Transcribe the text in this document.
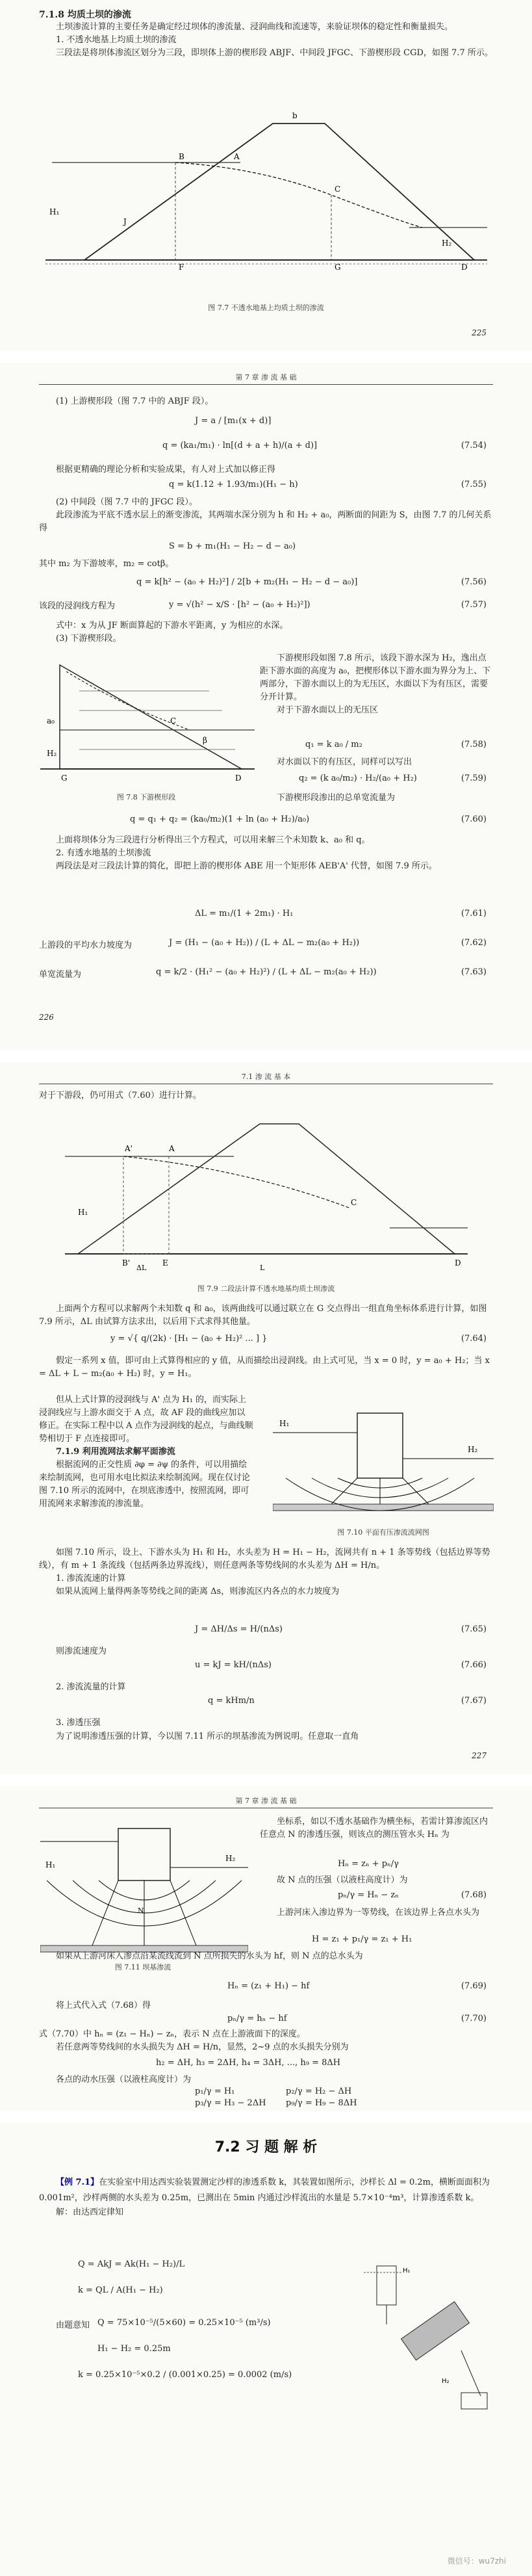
7.1.8 均质土坝的渗流

土坝渗流计算的主要任务是确定经过坝体的渗流量、浸润曲线和流速等，来验证坝体的稳定性和衡量损失。

1. 不透水地基上均质土坝的渗流

三段法是将坝体渗流区划分为三段，即坝体上游的楔形段 ABJF、中间段 JFGC、下游楔形段 CGD，如图 7.7 所示。

H₁
B	A
F	G
C
D
H₂
b
J
图 7.7 不透水地基上均质土坝的渗流
225
第 7 章 渗 流 基 础

(1) 上游楔形段（图 7.7 中的 ABJF 段）。

J = a / [m₁(x + d)]
q = (ka₁/m₁) · ln[(d + a + h)/(a + d)]	(7.54)

根据更精确的理论分析和实验成果，有人对上式加以修正得

q = k(1.12 + 1.93/m₁)(H₁ − h)	(7.55)

(2) 中间段（图 7.7 中的 JFGC 段）。

此段渗流为平底不透水层上的渐变渗流，其两端水深分别为 h 和 H₂ + a₀，两断面的间距为 S，由图 7.7 的几何关系得

S = b + m₁(H₁ − H₂ − d − a₀)

其中 m₂ 为下游坡率，m₂ = cotβ。

q = k[h² − (a₀ + H₂)²] / 2[b + m₂(H₁ − H₂ − d − a₀)]	(7.56)

该段的浸润线方程为	y = √(h² − x/S · [h² − (a₀ + H₂)²])	(7.57)

式中：x 为从 JF 断面算起的下游水平距离，y 为相应的水深。

(3) 下游楔形段。

a₀
H₂
G	D
C
β
图 7.8 下游楔形段

下游楔形段如图 7.8 所示，该段下游水深为 H₂，逸出点距下游水面的高度为 a₀，把楔形体以下游水面为界分为上、下两部分，下游水面以上的为无压区，水面以下为有压区，需要分开计算。

对于下游水面以上的无压区

q₁ = k a₀ / m₂	(7.58)

对水面以下的有压区，同样可以写出

q₂ = (k a₀/m₂) · H₂/(a₀ + H₂)	(7.59)

下游楔形段渗出的总单宽流量为

q = q₁ + q₂ = (ka₀/m₂)(1 + ln (a₀ + H₂)/a₀)	(7.60)

上面将坝体分为三段进行分析得出三个方程式，可以用来解三个未知数 k、a₀ 和 q。

2. 有透水地基的土坝渗流

两段法是对三段法计算的简化，即把上游的楔形体 ABE 用一个矩形体 AEB'A' 代替，如图 7.9 所示。

ΔL = m₁/(1 + 2m₁) · H₁	(7.61)
上游段的平均水力坡度为	J = (H₁ − (a₀ + H₂)) / (L + ΔL − m₂(a₀ + H₂))	(7.62)
单宽流量为	q = k/2 · (H₁² − (a₀ + H₂)²) / (L + ΔL − m₂(a₀ + H₂))	(7.63)
226
7.1 渗 流 基 本

对于下游段，仍可用式（7.60）进行计算。

A'	A
H₁
B'	E
C
D
ΔL	L
图 7.9 二段法计算不透水地基均质土坝渗流

上面两个方程可以求解两个未知数 q 和 a₀，该两曲线可以通过联立在 G 交点得出一组直角坐标体系进行计算，如图 7.9 所示，ΔL 由试算方法求出，以后用下式求得其他量。

y = √{ q/(2k) · [H₁ − (a₀ + H₂)² ... ] }	(7.64)

假定一系列 x 值，即可由上式算得相应的 y 值，从而描绘出浸润线。由上式可见，当 x = 0 时，y = a₀ + H₂；当 x = ΔL + L − m₂(a₀ + H₂) 时，y = H₁。

但从上式计算的浸润线与 A' 点为 H₁ 的，而实际上浸润线应与上游水面交于 A 点，故 AF 段的曲线应加以修正。在实际工程中以 A 点作为浸润线的起点，与曲线顺势相切于 F 点连接即可。

7.1.9 利用流网法求解平面渗流

根据流网的正交性质 ∂φ = ∂ψ 的条件，可以用描绘来绘制流网，也可用水电比拟法来绘制流网。现在仅讨论图 7.10 所示的流网中，在坝底渗透中，按照流网，即可用流网来求解渗流的渗流量。

H₁
H₂
图 7.10 平面有压渗流流网图

如图 7.10 所示，设上、下游水头为 H₁ 和 H₂，水头差为 H = H₁ − H₂，流网共有 n + 1 条等势线（包括边界等势线），有 m + 1 条流线（包括两条边界流线），则任意两条等势线间的水头差为 ΔH = H/n。

1. 渗流流速的计算

如果从流网上量得两条等势线之间的距离 Δs，则渗流区内各点的水力坡度为

J = ΔH/Δs = H/(nΔs)	(7.65)
则渗流速度为
u = kJ = kH/(nΔs)	(7.66)
2. 渗流流量的计算
q = kHm/n	(7.67)
3. 渗透压强

为了说明渗透压强的计算，今以图 7.11 所示的坝基渗流为例说明。任意取一直角

227
第 7 章 渗 流 基 础
H₁
H₂
N
图 7.11 坝基渗流

坐标系，如以不透水基础作为横坐标，若需计算渗流区内任意点 N 的渗透压强，则该点的测压管水头 Hₙ 为

Hₙ = zₙ + pₙ/γ

故 N 点的压强（以液柱高度计）为

pₙ/γ = Hₙ − zₙ	(7.68)

上游河床入渗边界为一等势线，在该边界上各点水头为

H = z₁ + p₁/γ = z₁ + H₁

如果从上游河床入渗点沿某流线流到 N 点所损失的水头为 hf，则 N 点的总水头为

Hₙ = (z₁ + H₁) − hf	(7.69)
将上式代入式（7.68）得
pₙ/γ = hₙ − hf	(7.70)

式（7.70）中 hₙ = (z₁ − Hₙ) − zₙ，表示 N 点在上游液面下的深度。

若任意两等势线间的水头损失为 ΔH = H/n，显然，2~9 点的水头损失分别为

h₂ = ΔH, h₃ = 2ΔH, h₄ = 3ΔH, ..., h₉ = 8ΔH
各点的动水压强（以液柱高度计）为
p₁/γ = H₁	p₂/γ = H₂ − ΔH
p₃/γ = H₃ − 2ΔH p₉/γ = H₉ − 8ΔH
7.2 习 题 解 析

【例 7.1】在实验室中用达西实验装置测定沙样的渗透系数 k，其装置如图所示，沙样长 Δl = 0.2m，横断面面积为 0.001m²，沙样两侧的水头差为 0.25m，已测出在 5min 内通过沙样流出的水量是 5.7×10⁻⁴m³，计算渗透系数 k。

解：由达西定律知

Q = AkJ = Ak(H₁ − H₂)/L
k = QL / A(H₁ − H₂)
由题意知 Q = 75×10⁻⁵/(5×60) = 0.25×10⁻⁵ (m³/s)
H₁ − H₂ = 0.25m
k = 0.25×10⁻⁵×0.2 / (0.001×0.25) = 0.0002 (m/s)
H₁
H₂
微信号：wu7zhi
